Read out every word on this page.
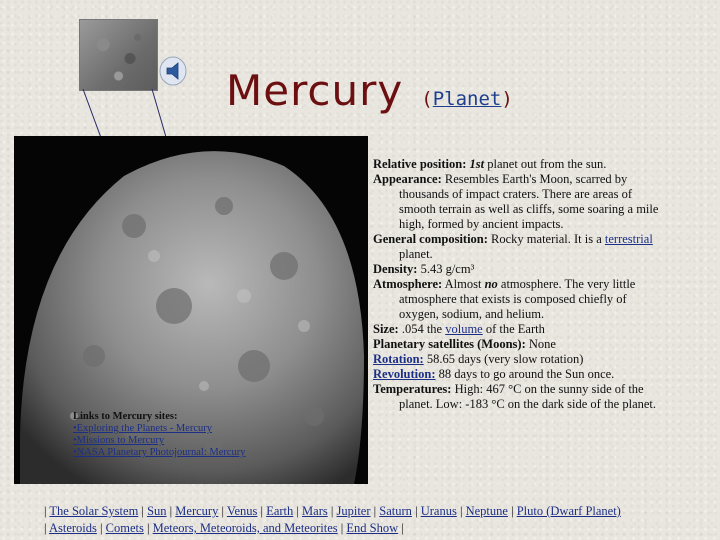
Mercury (Planet)
Links to Mercury sites:
•Exploring the Planets - Mercury
•Missions to Mercury
•NASA Planetary Photojournal: Mercury
Relative position: 1st planet out from the sun.
Appearance: Resembles Earth's Moon, scarred by thousands of impact craters. There are areas of smooth terrain as well as cliffs, some soaring a mile high, formed by ancient impacts.
General composition: Rocky material. It is a terrestrial planet.
Density: 5.43 g/cm³
Atmosphere: Almost no atmosphere. The very little atmosphere that exists is composed chiefly of oxygen, sodium, and helium.
Size: .054 the volume of the Earth
Planetary satellites (Moons): None
Rotation: 58.65 days (very slow rotation)
Revolution: 88 days to go around the Sun once.
Temperatures: High: 467 °C on the sunny side of the planet. Low: -183 °C on the dark side of the planet.
| The Solar System | Sun | Mercury | Venus | Earth | Mars | Jupiter | Saturn | Uranus | Neptune | Pluto (Dwarf Planet)
| Asteroids | Comets | Meteors, Meteoroids, and Meteorites | End Show |
